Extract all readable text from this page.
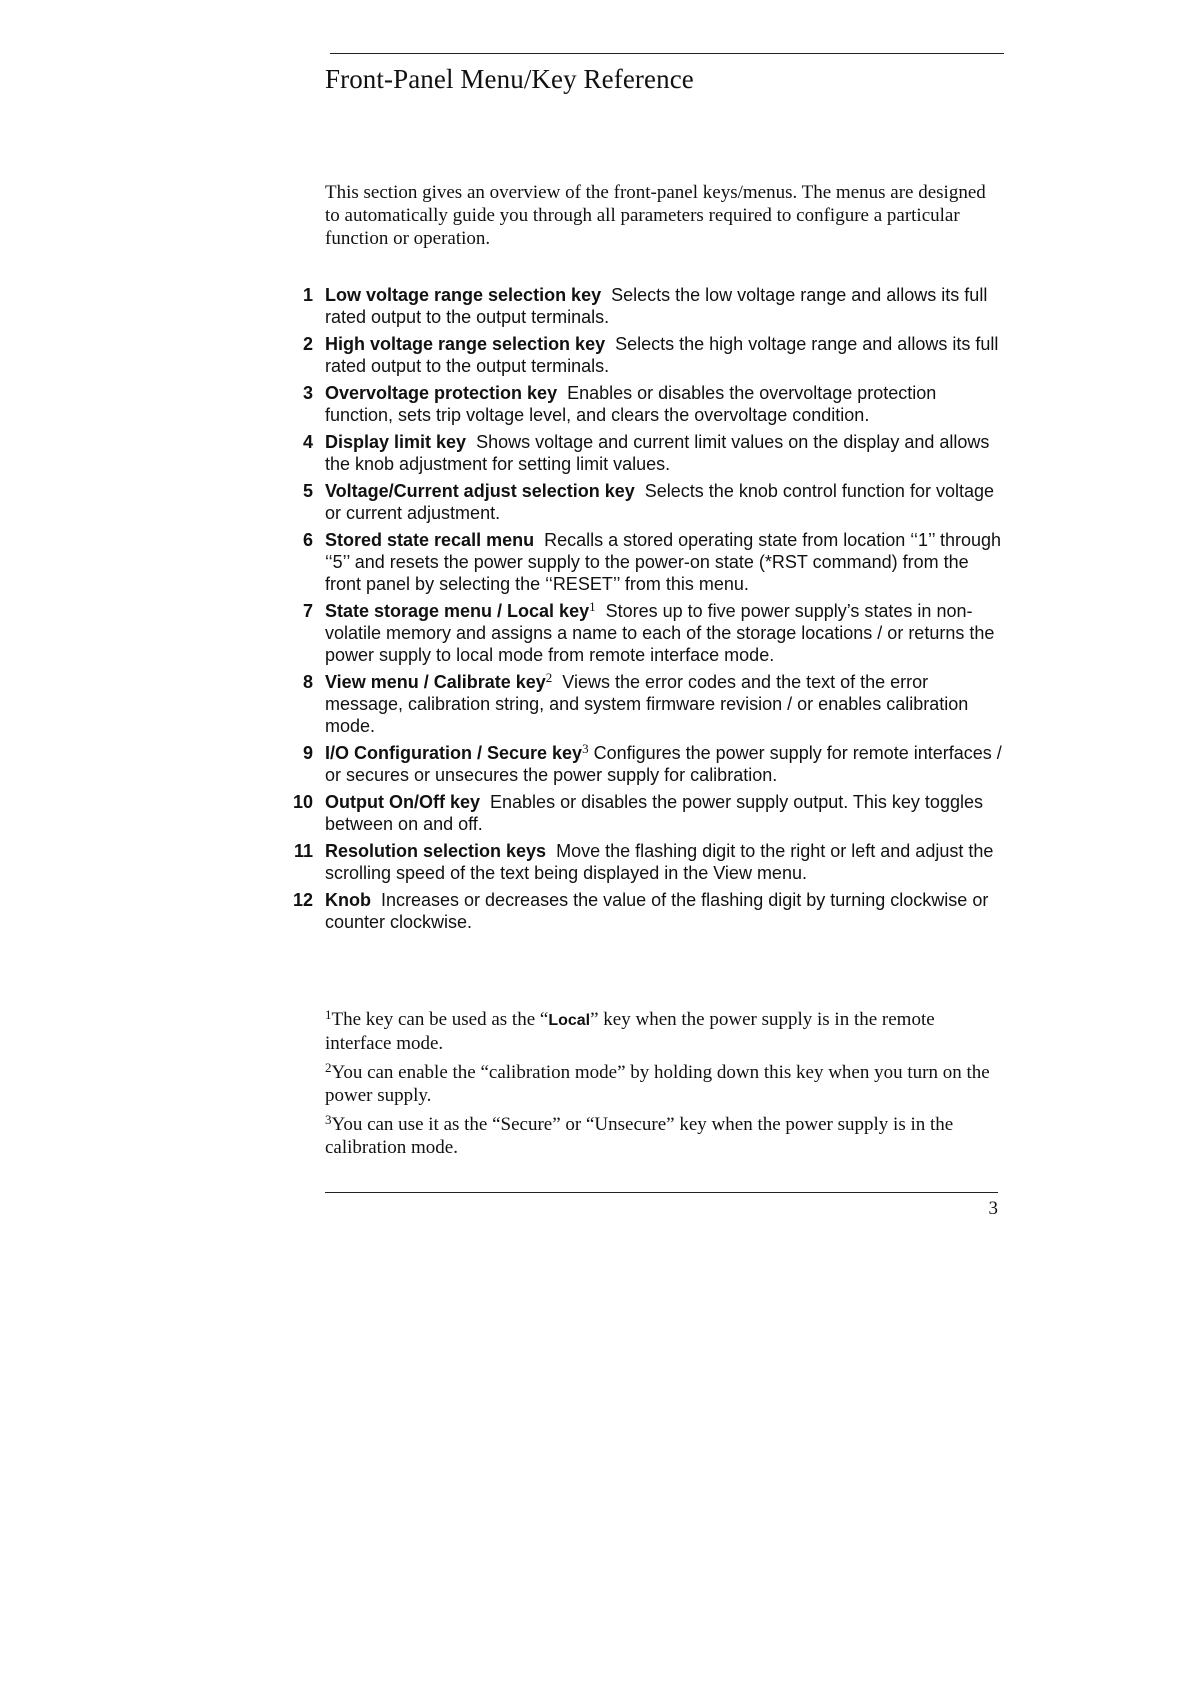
Front-Panel Menu/Key Reference

This section gives an overview of the front-panel keys/menus. The menus are designed to automatically guide you through all parameters required to configure a particular function or operation.

1 Low voltage range selection key Selects the low voltage range and allows its full rated output to the output terminals.

2 High voltage range selection key Selects the high voltage range and allows its full rated output to the output terminals.

3 Overvoltage protection key Enables or disables the overvoltage protection function, sets trip voltage level, and clears the overvoltage condition.

4 Display limit key Shows voltage and current limit values on the display and allows the knob adjustment for setting limit values.

5 Voltage/Current adjust selection key Selects the knob control function for voltage or current adjustment.

6 Stored state recall menu Recalls a stored operating state from location ‘‘1’’ through ‘‘5’’ and resets the power supply to the power-on state (*RST command) from the front panel by selecting the ‘‘RESET’’ from this menu.

7 State storage menu / Local key$^1$ Stores up to five power supply’s states in non-volatile memory and assigns a name to each of the storage locations / or returns the power supply to local mode from remote interface mode.

8 View menu / Calibrate key$^2$ Views the error codes and the text of the error message, calibration string, and system firmware revision / or enables calibration mode.

9 I/O Configuration / Secure key$^3$ Configures the power supply for remote interfaces / or secures or unsecures the power supply for calibration.

10 Output On/Off key Enables or disables the power supply output. This key toggles between on and off.

11 Resolution selection keys Move the flashing digit to the right or left and adjust the scrolling speed of the text being displayed in the View menu.

12 Knob Increases or decreases the value of the flashing digit by turning clockwise or counter clockwise.

$^1$The key can be used as the “Local” key when the power supply is in the remote interface mode.
$^2$You can enable the “calibration mode” by holding down this key when you turn on the power supply.
$^3$You can use it as the “Secure” or “Unsecure” key when the power supply is in the calibration mode.
3
